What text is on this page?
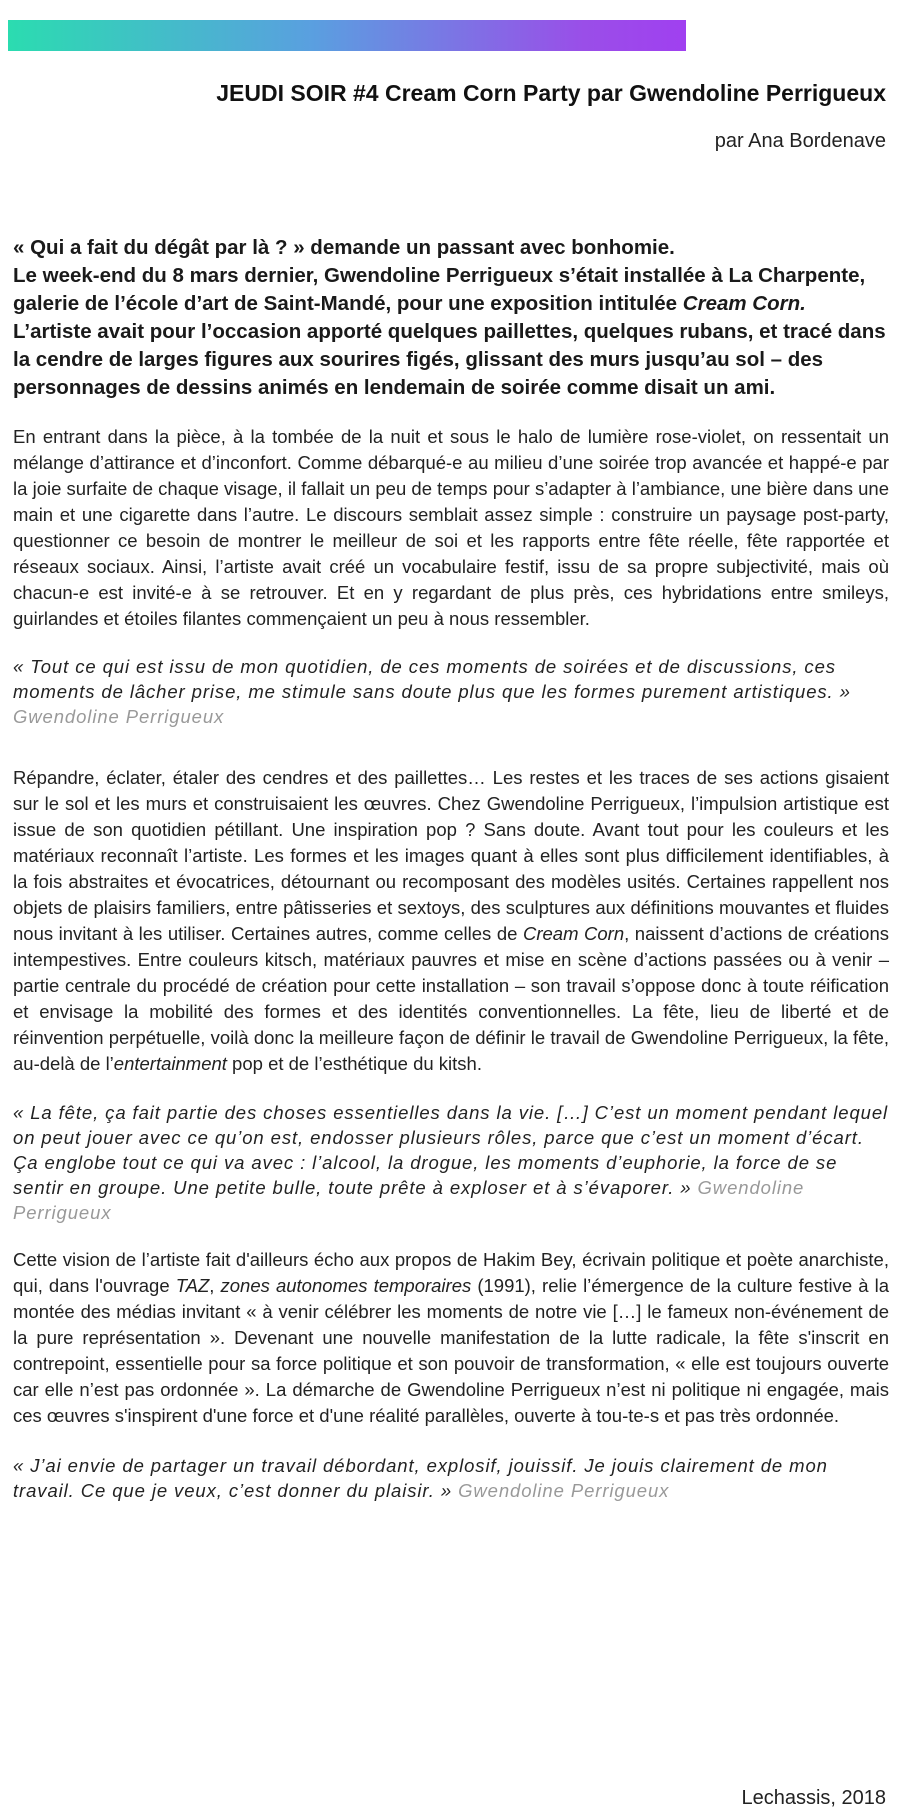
JEUDI SOIR #4 Cream Corn Party par Gwendoline Perrigueux
par Ana Bordenave

« Qui a fait du dégât par là ? » demande un passant avec bonhomie.
Le week-end du 8 mars dernier, Gwendoline Perrigueux s’était installée à La Charpente, galerie de l’école d’art de Saint-Mandé, pour une exposition intitulée Cream Corn. L’artiste avait pour l’occasion apporté quelques paillettes, quelques rubans, et tracé dans la cendre de larges figures aux sourires figés, glissant des murs jusqu’au sol – des personnages de dessins animés en lendemain de soirée comme disait un ami.

En entrant dans la pièce, à la tombée de la nuit et sous le halo de lumière rose-violet, on ressentait un mélange d’attirance et d’inconfort. Comme débarqué-e au milieu d’une soirée trop avancée et happé-e par la joie surfaite de chaque visage, il fallait un peu de temps pour s’adapter à l’ambiance, une bière dans une main et une cigarette dans l’autre. Le discours semblait assez simple : construire un paysage post-party, questionner ce besoin de montrer le meilleur de soi et les rapports entre fête réelle, fête rapportée et réseaux sociaux. Ainsi, l’artiste avait créé un vocabulaire festif, issu de sa propre subjectivité, mais où chacun-e est invité-e à se retrouver. Et en y regardant de plus près, ces hybridations entre smileys, guirlandes et étoiles filantes commençaient un peu à nous ressembler.

« Tout ce qui est issu de mon quotidien, de ces moments de soirées et de discussions, ces moments de lâcher prise, me stimule sans doute plus que les formes purement artistiques. » Gwendoline Perrigueux

Répandre, éclater, étaler des cendres et des paillettes… Les restes et les traces de ses actions gisaient sur le sol et les murs et construisaient les œuvres. Chez Gwendoline Perrigueux, l’impulsion artistique est issue de son quotidien pétillant. Une inspiration pop ? Sans doute. Avant tout pour les couleurs et les matériaux reconnaît l’artiste. Les formes et les images quant à elles sont plus difficilement identifiables, à la fois abstraites et évocatrices, détournant ou recomposant des modèles usités. Certaines rappellent nos objets de plaisirs familiers, entre pâtisseries et sextoys, des sculptures aux définitions mouvantes et fluides nous invitant à les utiliser. Certaines autres, comme celles de Cream Corn, naissent d’actions de créations intempestives. Entre couleurs kitsch, matériaux pauvres et mise en scène d’actions passées ou à venir – partie centrale du procédé de création pour cette installation – son travail s’oppose donc à toute réification et envisage la mobilité des formes et des identités conventionnelles. La fête, lieu de liberté et de réinvention perpétuelle, voilà donc la meilleure façon de définir le travail de Gwendoline Perrigueux, la fête, au-delà de l’entertainment pop et de l’esthétique du kitsh.

« La fête, ça fait partie des choses essentielles dans la vie. […] C’est un moment pendant lequel on peut jouer avec ce qu’on est, endosser plusieurs rôles, parce que c’est un moment d’écart. Ça englobe tout ce qui va avec : l’alcool, la drogue, les moments d’euphorie, la force de se sentir en groupe. Une petite bulle, toute prête à exploser et à s’évaporer. » Gwendoline Perrigueux

Cette vision de l’artiste fait d'ailleurs écho aux propos de Hakim Bey, écrivain politique et poète anarchiste, qui, dans l'ouvrage TAZ, zones autonomes temporaires (1991), relie l’émergence de la culture festive à la montée des médias invitant « à venir célébrer les moments de notre vie […] le fameux non-événement de la pure représentation ». Devenant une nouvelle manifestation de la lutte radicale, la fête s'inscrit en contrepoint, essentielle pour sa force politique et son pouvoir de transformation, « elle est toujours ouverte car elle n’est pas ordonnée ». La démarche de Gwendoline Perrigueux n’est ni politique ni engagée, mais ces œuvres s'inspirent d'une force et d'une réalité parallèles, ouverte à tou-te-s et pas très ordonnée.

« J’ai envie de partager un travail débordant, explosif, jouissif. Je jouis clairement de mon travail. Ce que je veux, c’est donner du plaisir. » Gwendoline Perrigueux

Lechassis, 2018
